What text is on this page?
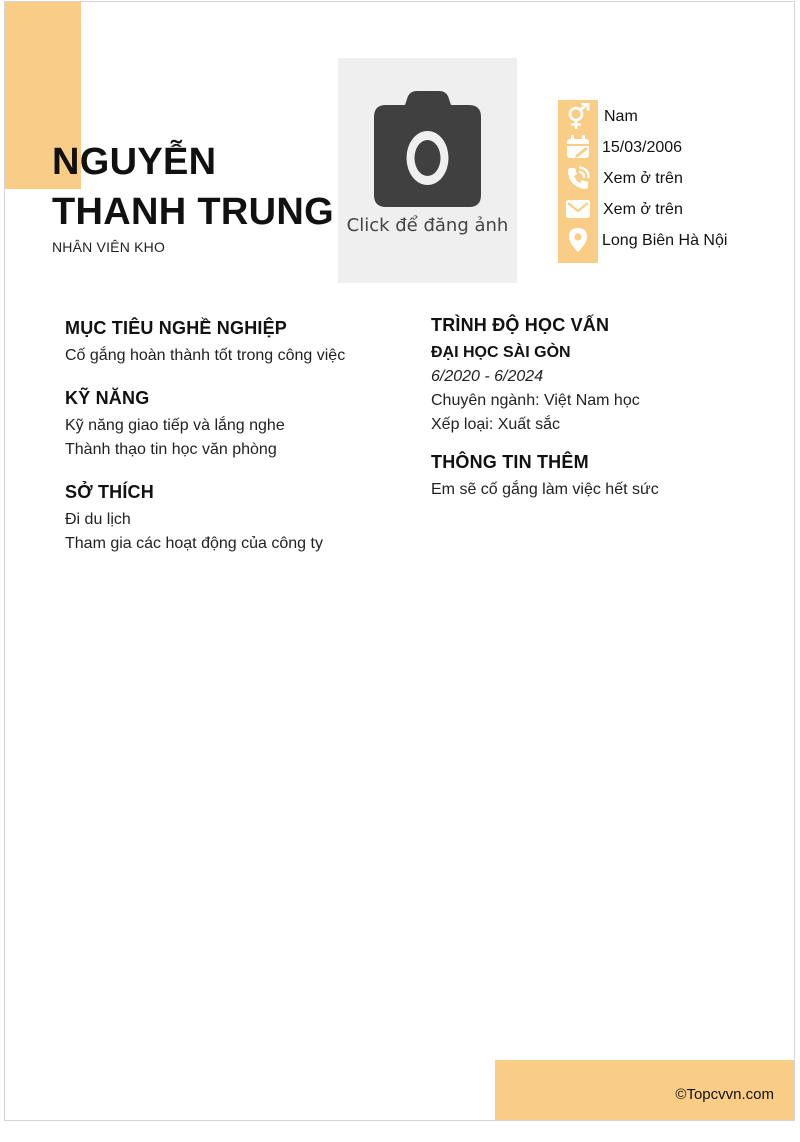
NGUYỄN
THANH TRUNG
NHÂN VIÊN KHO
Click để đăng ảnh
Nam
15/03/2006
Xem ở trên
Xem ở trên
Long Biên Hà Nội
MỤC TIÊU NGHỀ NGHIỆP
Cố gắng hoàn thành tốt trong công việc
KỸ NĂNG
Kỹ năng giao tiếp và lắng nghe
Thành thạo tin học văn phòng
SỞ THÍCH
Đi du lịch
Tham gia các hoạt động của công ty
TRÌNH ĐỘ HỌC VẤN
ĐẠI HỌC SÀI GÒN
6/2020 - 6/2024
Chuyên ngành: Việt Nam học
Xếp loại: Xuất sắc
THÔNG TIN THÊM
Em sẽ cố gắng làm việc hết sức
©Topcvvn.com
